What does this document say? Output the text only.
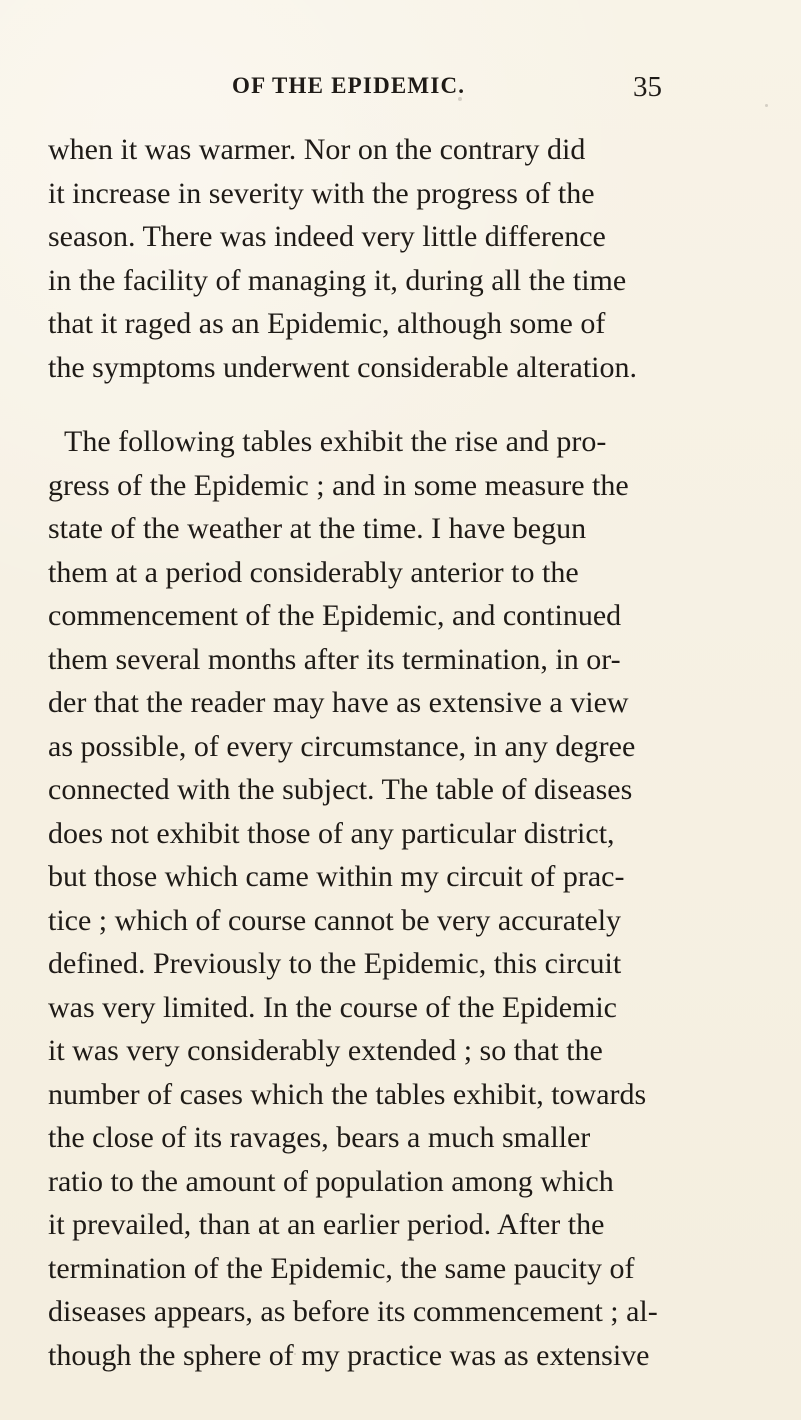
OF THE EPIDEMIC.	35
when it was warmer. Nor on the contrary did
it increase in severity with the progress of the
season. There was indeed very little difference
in the facility of managing it, during all the time
that it raged as an Epidemic, although some of
the symptoms underwent considerable alteration.
The following tables exhibit the rise and pro-
gress of the Epidemic ; and in some measure the
state of the weather at the time. I have begun
them at a period considerably anterior to the
commencement of the Epidemic, and continued
them several months after its termination, in or-
der that the reader may have as extensive a view
as possible, of every circumstance, in any degree
connected with the subject. The table of diseases
does not exhibit those of any particular district,
but those which came within my circuit of prac-
tice ; which of course cannot be very accurately
defined. Previously to the Epidemic, this circuit
was very limited. In the course of the Epidemic
it was very considerably extended ; so that the
number of cases which the tables exhibit, towards
the close of its ravages, bears a much smaller
ratio to the amount of population among which
it prevailed, than at an earlier period. After the
termination of the Epidemic, the same paucity of
diseases appears, as before its commencement ; al-
though the sphere of my practice was as extensive
